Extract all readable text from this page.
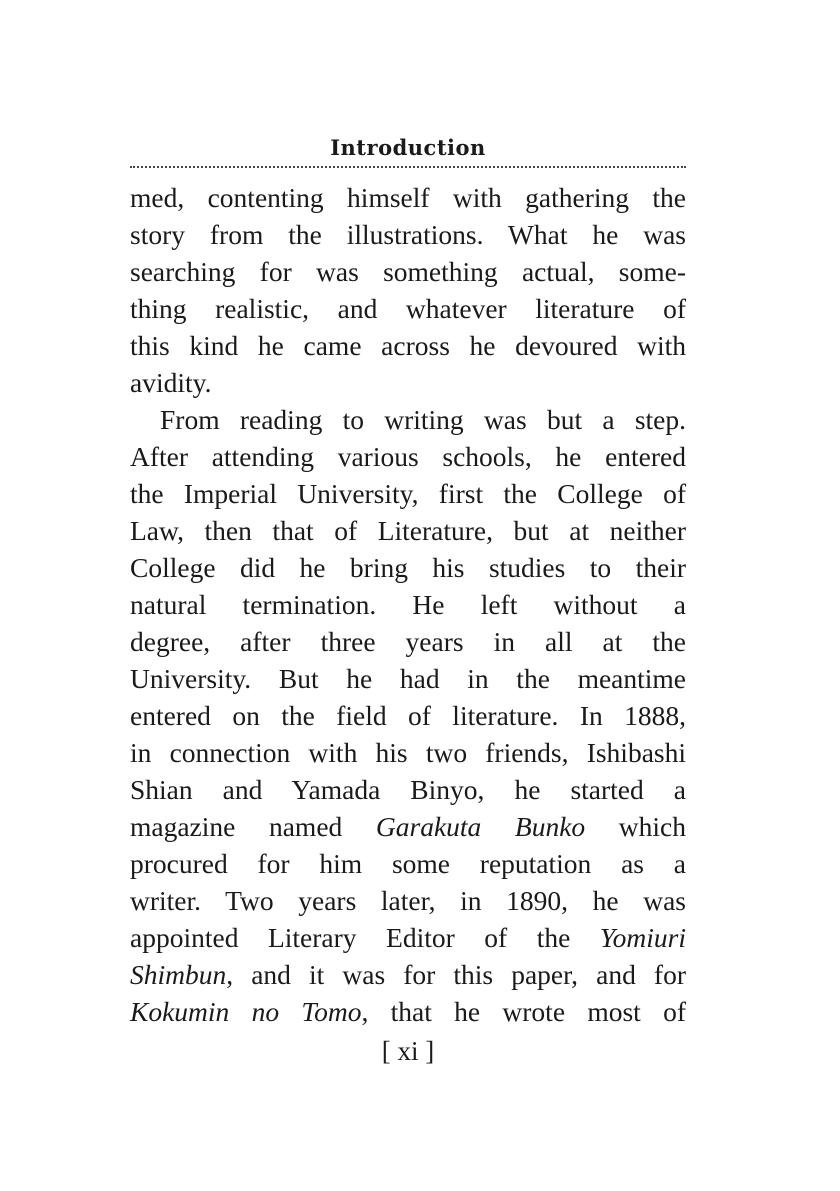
Introduction
med, contenting himself with gathering the
story from the illustrations. What he was
searching for was something actual, some-
thing realistic, and whatever literature of
this kind he came across he devoured with
avidity.
From reading to writing was but a step.
After attending various schools, he entered
the Imperial University, first the College of
Law, then that of Literature, but at neither
College did he bring his studies to their
natural termination. He left without a
degree, after three years in all at the
University. But he had in the meantime
entered on the field of literature. In 1888,
in connection with his two friends, Ishibashi
Shian and Yamada Binyo, he started a
magazine named Garakuta Bunko which
procured for him some reputation as a
writer. Two years later, in 1890, he was
appointed Literary Editor of the Yomiuri
Shimbun, and it was for this paper, and for
Kokumin no Tomo, that he wrote most of
[ xi ]
